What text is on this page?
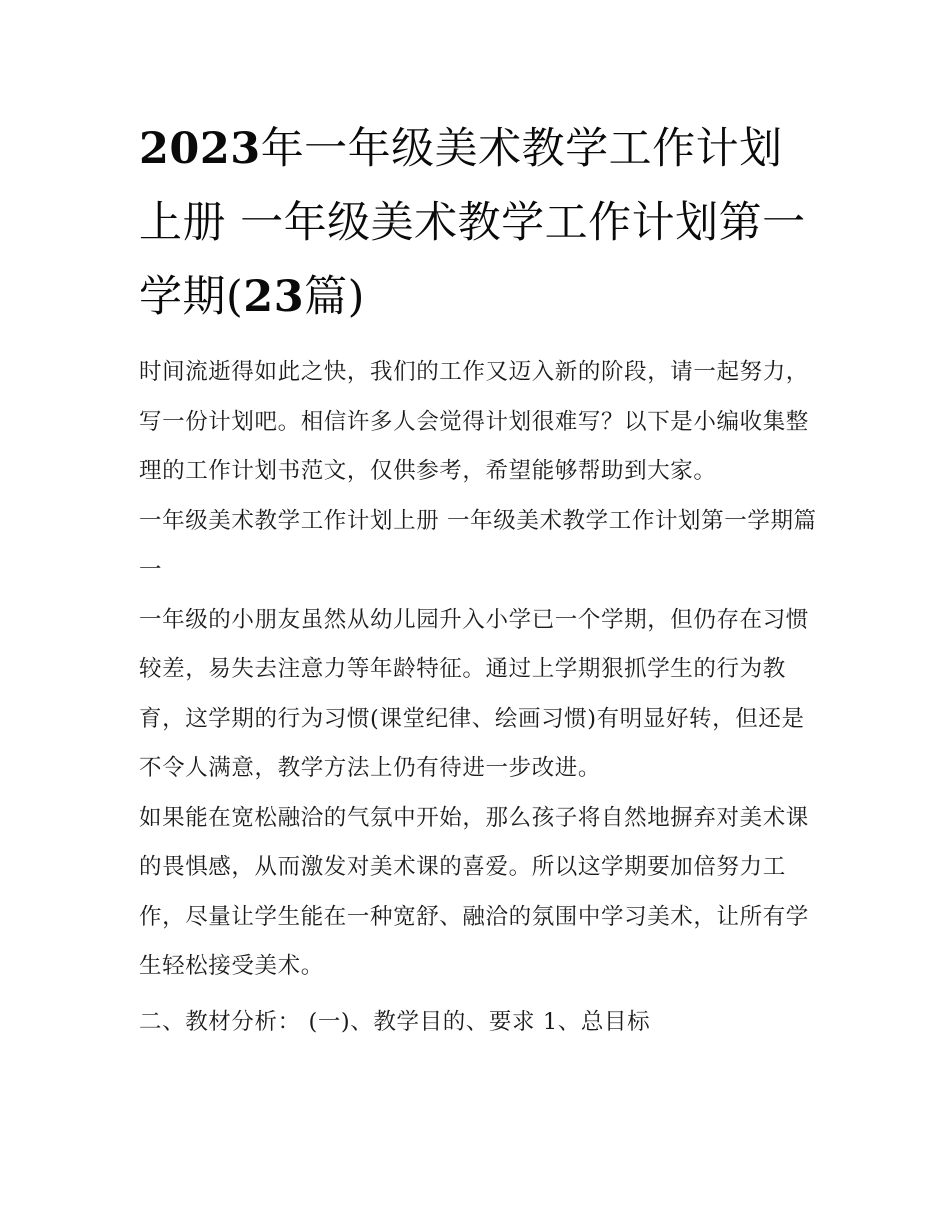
2023年一年级美术教学工作计划上册 一年级美术教学工作计划第一学期(23篇)

时间流逝得如此之快，我们的工作又迈入新的阶段，请一起努力，写一份计划吧。相信许多人会觉得计划很难写？以下是小编收集整理的工作计划书范文，仅供参考，希望能够帮助到大家。

一年级美术教学工作计划上册 一年级美术教学工作计划第一学期篇一

一年级的小朋友虽然从幼儿园升入小学已一个学期，但仍存在习惯较差，易失去注意力等年龄特征。通过上学期狠抓学生的行为教育，这学期的行为习惯(课堂纪律、绘画习惯)有明显好转，但还是不令人满意，教学方法上仍有待进一步改进。

如果能在宽松融洽的气氛中开始，那么孩子将自然地摒弃对美术课的畏惧感，从而激发对美术课的喜爱。所以这学期要加倍努力工作，尽量让学生能在一种宽舒、融洽的氛围中学习美术，让所有学生轻松接受美术。

二、教材分析： (一)、教学目的、要求 1、总目标
